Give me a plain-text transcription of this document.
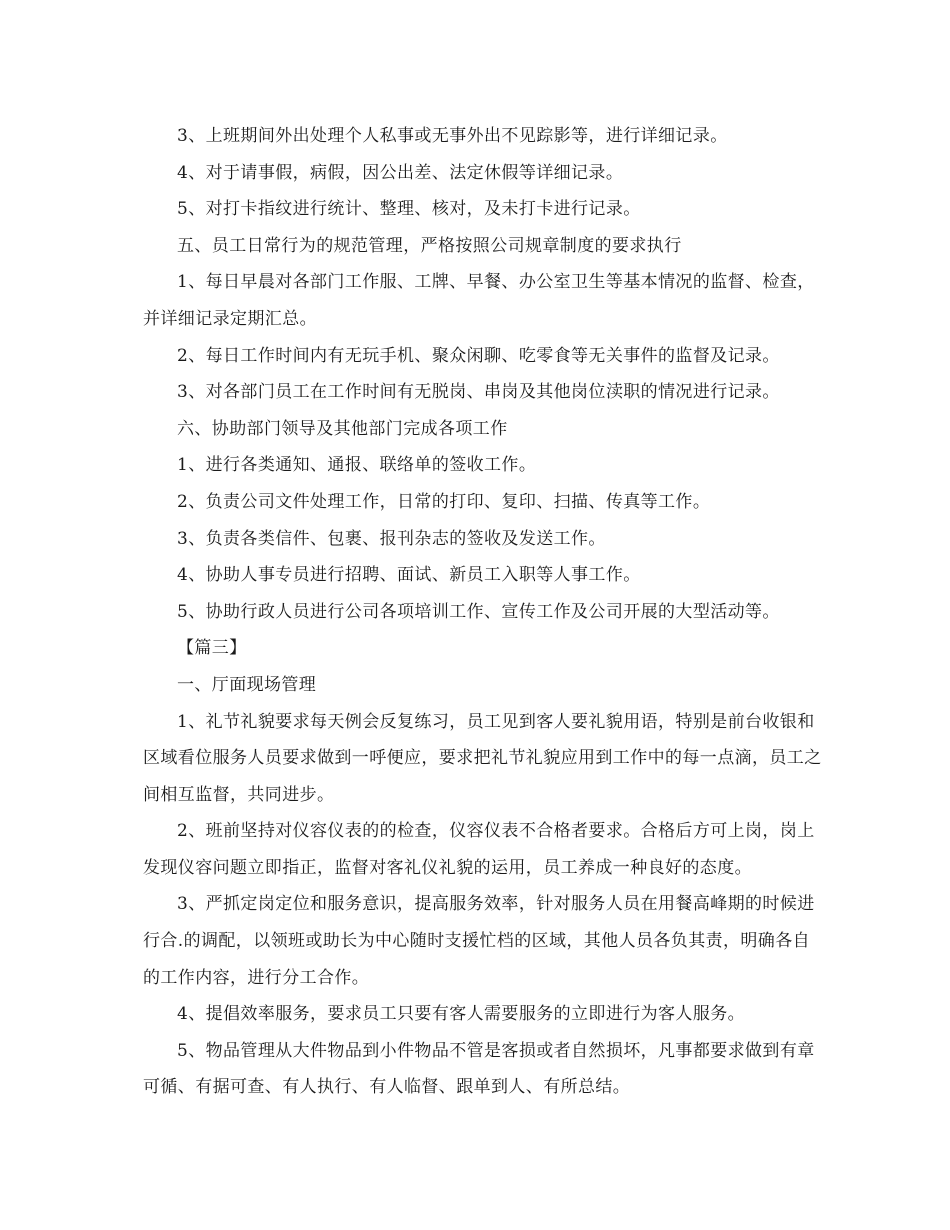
3、上班期间外出处理个人私事或无事外出不见踪影等，进行详细记录。

4、对于请事假，病假，因公出差、法定休假等详细记录。

5、对打卡指纹进行统计、整理、核对，及未打卡进行记录。

五、员工日常行为的规范管理，严格按照公司规章制度的要求执行

1、每日早晨对各部门工作服、工牌、早餐、办公室卫生等基本情况的监督、检查，并详细记录定期汇总。

2、每日工作时间内有无玩手机、聚众闲聊、吃零食等无关事件的监督及记录。

3、对各部门员工在工作时间有无脱岗、串岗及其他岗位渎职的情况进行记录。

六、协助部门领导及其他部门完成各项工作

1、进行各类通知、通报、联络单的签收工作。

2、负责公司文件处理工作，日常的打印、复印、扫描、传真等工作。

3、负责各类信件、包裹、报刊杂志的签收及发送工作。

4、协助人事专员进行招聘、面试、新员工入职等人事工作。

5、协助行政人员进行公司各项培训工作、宣传工作及公司开展的大型活动等。

【篇三】

一、厅面现场管理

1、礼节礼貌要求每天例会反复练习，员工见到客人要礼貌用语，特别是前台收银和区域看位服务人员要求做到一呼便应，要求把礼节礼貌应用到工作中的每一点滴，员工之间相互监督，共同进步。

2、班前坚持对仪容仪表的的检查，仪容仪表不合格者要求。合格后方可上岗，岗上发现仪容问题立即指正，监督对客礼仪礼貌的运用，员工养成一种良好的态度。

3、严抓定岗定位和服务意识，提高服务效率，针对服务人员在用餐高峰期的时候进行合.的调配，以领班或助长为中心随时支援忙档的区域，其他人员各负其责，明确各自的工作内容，进行分工合作。

4、提倡效率服务，要求员工只要有客人需要服务的立即进行为客人服务。

5、物品管理从大件物品到小件物品不管是客损或者自然损坏，凡事都要求做到有章可循、有据可查、有人执行、有人临督、跟单到人、有所总结。
